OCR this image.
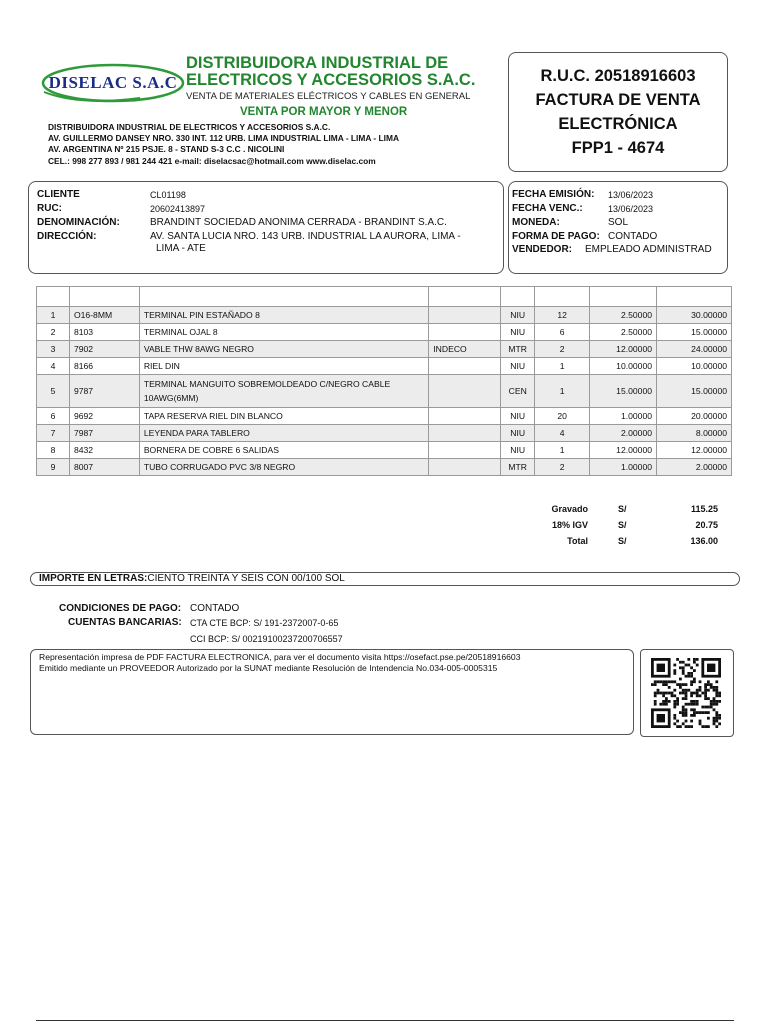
DISELAC S.A.C
DISTRIBUIDORA INDUSTRIAL DE
ELECTRICOS Y ACCESORIOS S.A.C.
VENTA DE MATERIALES ELÉCTRICOS Y CABLES EN GENERAL
VENTA POR MAYOR Y MENOR
DISTRIBUIDORA INDUSTRIAL DE ELECTRICOS Y ACCESORIOS S.A.C.
AV. GUILLERMO DANSEY NRO. 330 INT. 112 URB. LIMA INDUSTRIAL LIMA - LIMA - LIMA
AV. ARGENTINA Nº 215 PSJE. 8 - STAND S-3 C.C . NICOLINI
CEL.: 998 277 893 / 981 244 421 e-mail: diselacsac@hotmail.com www.diselac.com
R.U.C. 20518916603
FACTURA DE VENTA
ELECTRÓNICA
FPP1 - 4674
CLIENTE	CL01198
RUC:	20602413897
DENOMINACIÓN:	BRANDINT SOCIEDAD ANONIMA CERRADA - BRANDINT S.A.C.
DIRECCIÓN:	AV. SANTA LUCIA NRO. 143 URB. INDUSTRIAL LA AURORA, LIMA -
LIMA - ATE
FECHA EMISIÓN: 13/06/2023
FECHA VENC.:	13/06/2023
MONEDA:	SOL
FORMA DE PAGO: CONTADO
VENDEDOR: EMPLEADO ADMINISTRAD

1	O16-8MM	TERMINAL PIN ESTAÑADO 8		NIU	12	2.50000	30.00000
2	8103	TERMINAL OJAL 8		NIU	6	2.50000	15.00000
3	7902	VABLE THW 8AWG NEGRO	INDECO	MTR	2	12.00000	24.00000
4	8166	RIEL DIN		NIU	1	10.00000	10.00000
5	9787	TERMINAL MANGUITO SOBREMOLDEADO C/NEGRO CABLE
10AWG(6MM)		CEN	1	15.00000	15.00000
6	9692	TAPA RESERVA RIEL DIN BLANCO		NIU	20	1.00000	20.00000
7	7987	LEYENDA PARA TABLERO		NIU	4	2.00000	8.00000
8	8432	BORNERA DE COBRE 6 SALIDAS		NIU	1	12.00000	12.00000
9	8007	TUBO CORRUGADO PVC 3/8 NEGRO		MTR	2	1.00000	2.00000
Gravado	S/	115.25
18% IGV	S/	20.75
Total	S/	136.00
IMPORTE EN LETRAS:CIENTO TREINTA Y SEIS CON 00/100 SOL
CONDICIONES DE PAGO: CONTADO
CUENTAS BANCARIAS: CTA CTE BCP: S/ 191-2372007-0-65
CCI BCP: S/ 00219100237200706557
Representación impresa de PDF FACTURA ELECTRONICA, para ver el documento visita https://osefact.pse.pe/20518916603
Emitido mediante un PROVEEDOR Autorizado por la SUNAT mediante Resolución de Intendencia No.034-005-0005315
